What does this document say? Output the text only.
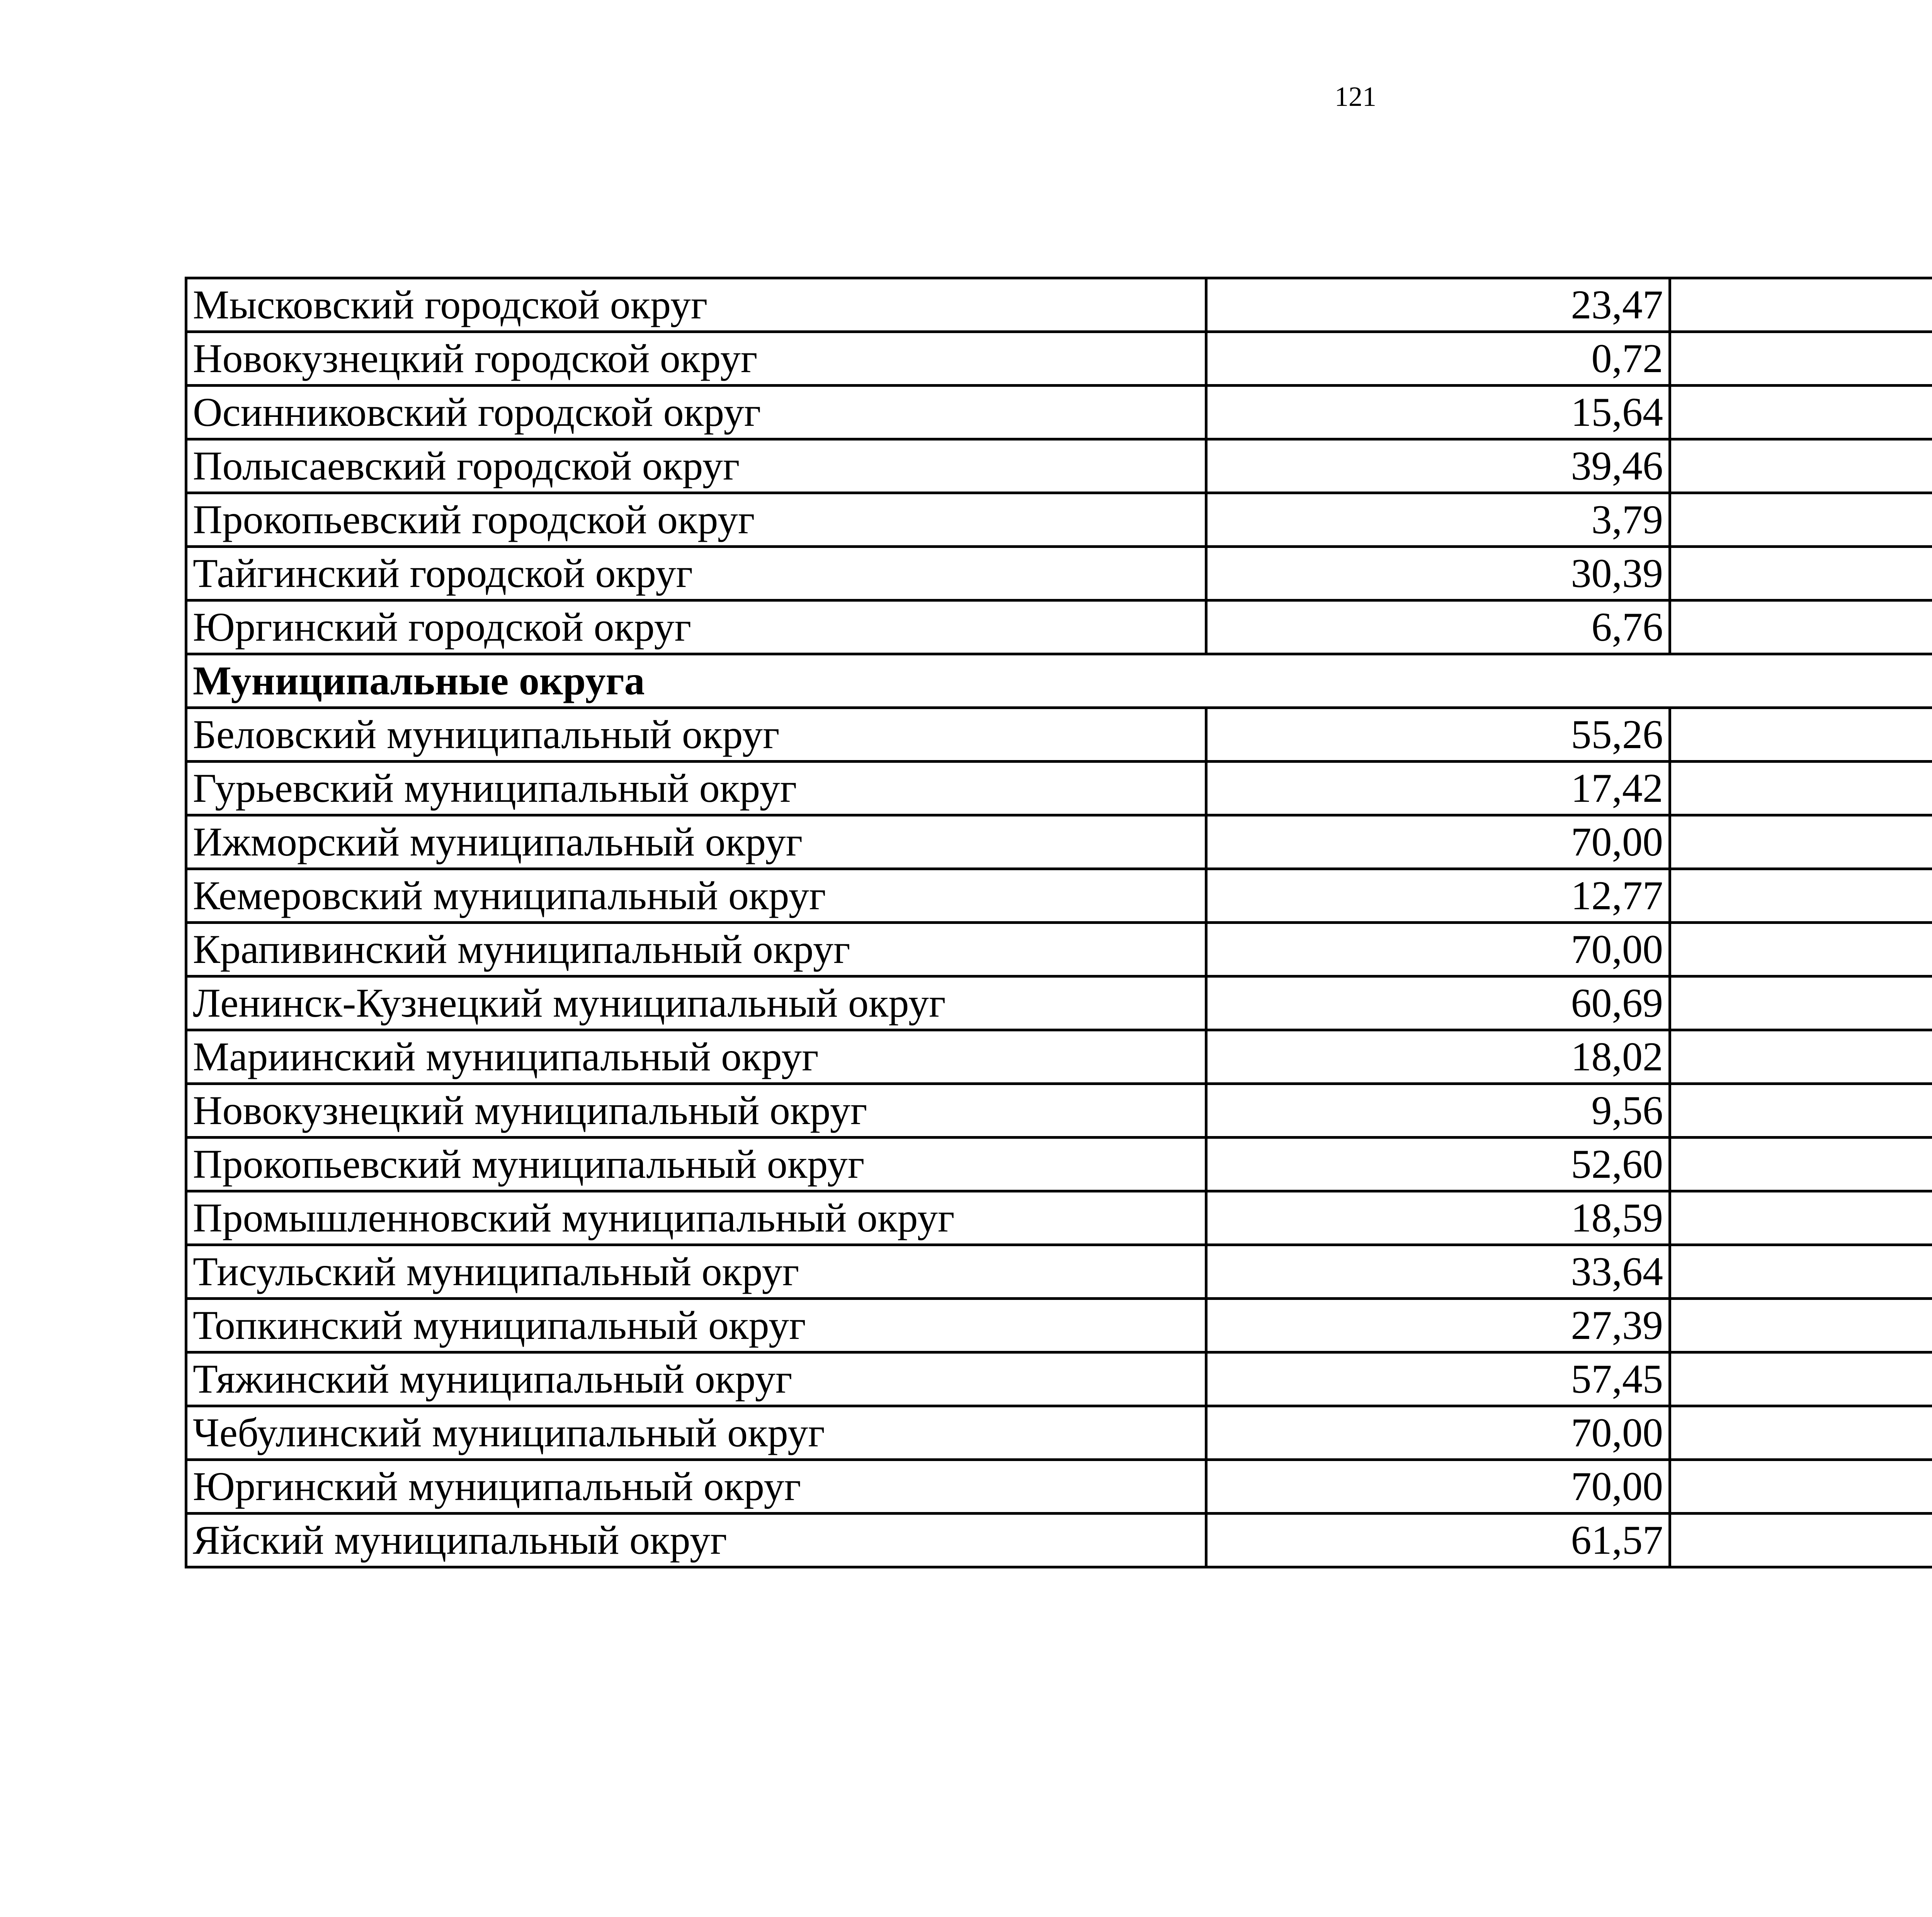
121
Мысковский городской округ	23,47		
Новокузнецкий городской округ	0,72		
Осинниковский городской округ	15,64		
Полысаевский городской округ	39,46		
Прокопьевский городской округ	3,79		
Тайгинский городской округ	30,39		
Юргинский городской округ	6,76		
Муниципальные округа			
Беловский муниципальный округ	55,26		
Гурьевский муниципальный округ	17,42		
Ижморский муниципальный округ	70,00		
Кемеровский муниципальный округ	12,77		
Крапивинский муниципальный округ	70,00		
Ленинск-Кузнецкий муниципальный округ	60,69		
Мариинский муниципальный округ	18,02		
Новокузнецкий муниципальный округ	9,56		
Прокопьевский муниципальный округ	52,60		
Промышленновский муниципальный округ	18,59		
Тисульский муниципальный округ	33,64		
Топкинский муниципальный округ	27,39		
Тяжинский муниципальный округ	57,45		
Чебулинский муниципальный округ	70,00		
Юргинский муниципальный округ	70,00		
Яйский муниципальный округ	61,57		
